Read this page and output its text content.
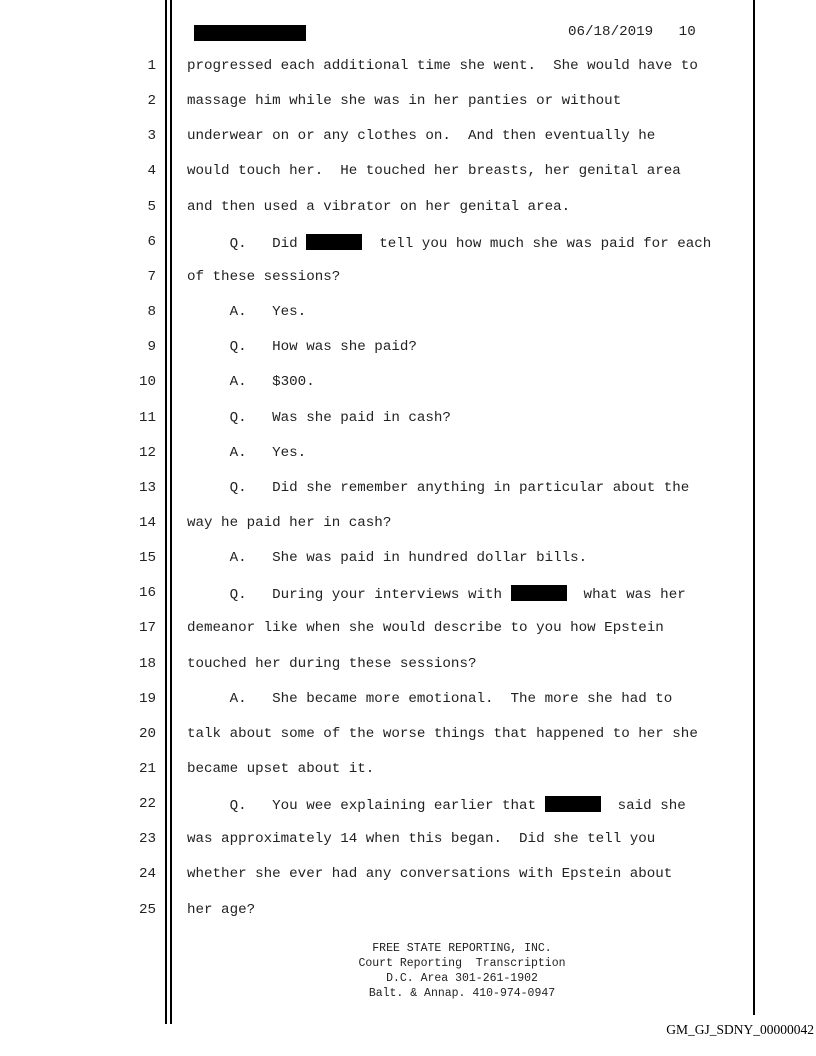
06/18/2019   10
1 progressed each additional time she went.  She would have to
2 massage him while she was in her panties or without
3 underwear on or any clothes on.  And then eventually he
4 would touch her.  He touched her breasts, her genital area
5 and then used a vibrator on her genital area.
6 Q.   Did	tell you how much she was paid for each
7 of these sessions?
8 A.   Yes.
9 Q.   How was she paid?
10 A.   $300.
11 Q.   Was she paid in cash?
12 A.   Yes.
13 Q.   Did she remember anything in particular about the
14 way he paid her in cash?
15 A.   She was paid in hundred dollar bills.
16 Q.   During your interviews with	what was her
17 demeanor like when she would describe to you how Epstein
18 touched her during these sessions?
19 A.   She became more emotional.  The more she had to
20 talk about some of the worse things that happened to her she
21 became upset about it.
22 Q.   You wee explaining earlier that	said she
23 was approximately 14 when this began.  Did she tell you
24 whether she ever had any conversations with Epstein about
25 her age?
FREE STATE REPORTING, INC.
Court Reporting  Transcription
D.C. Area 301-261-1902
Balt. & Annap. 410-974-0947
GM_GJ_SDNY_00000042
